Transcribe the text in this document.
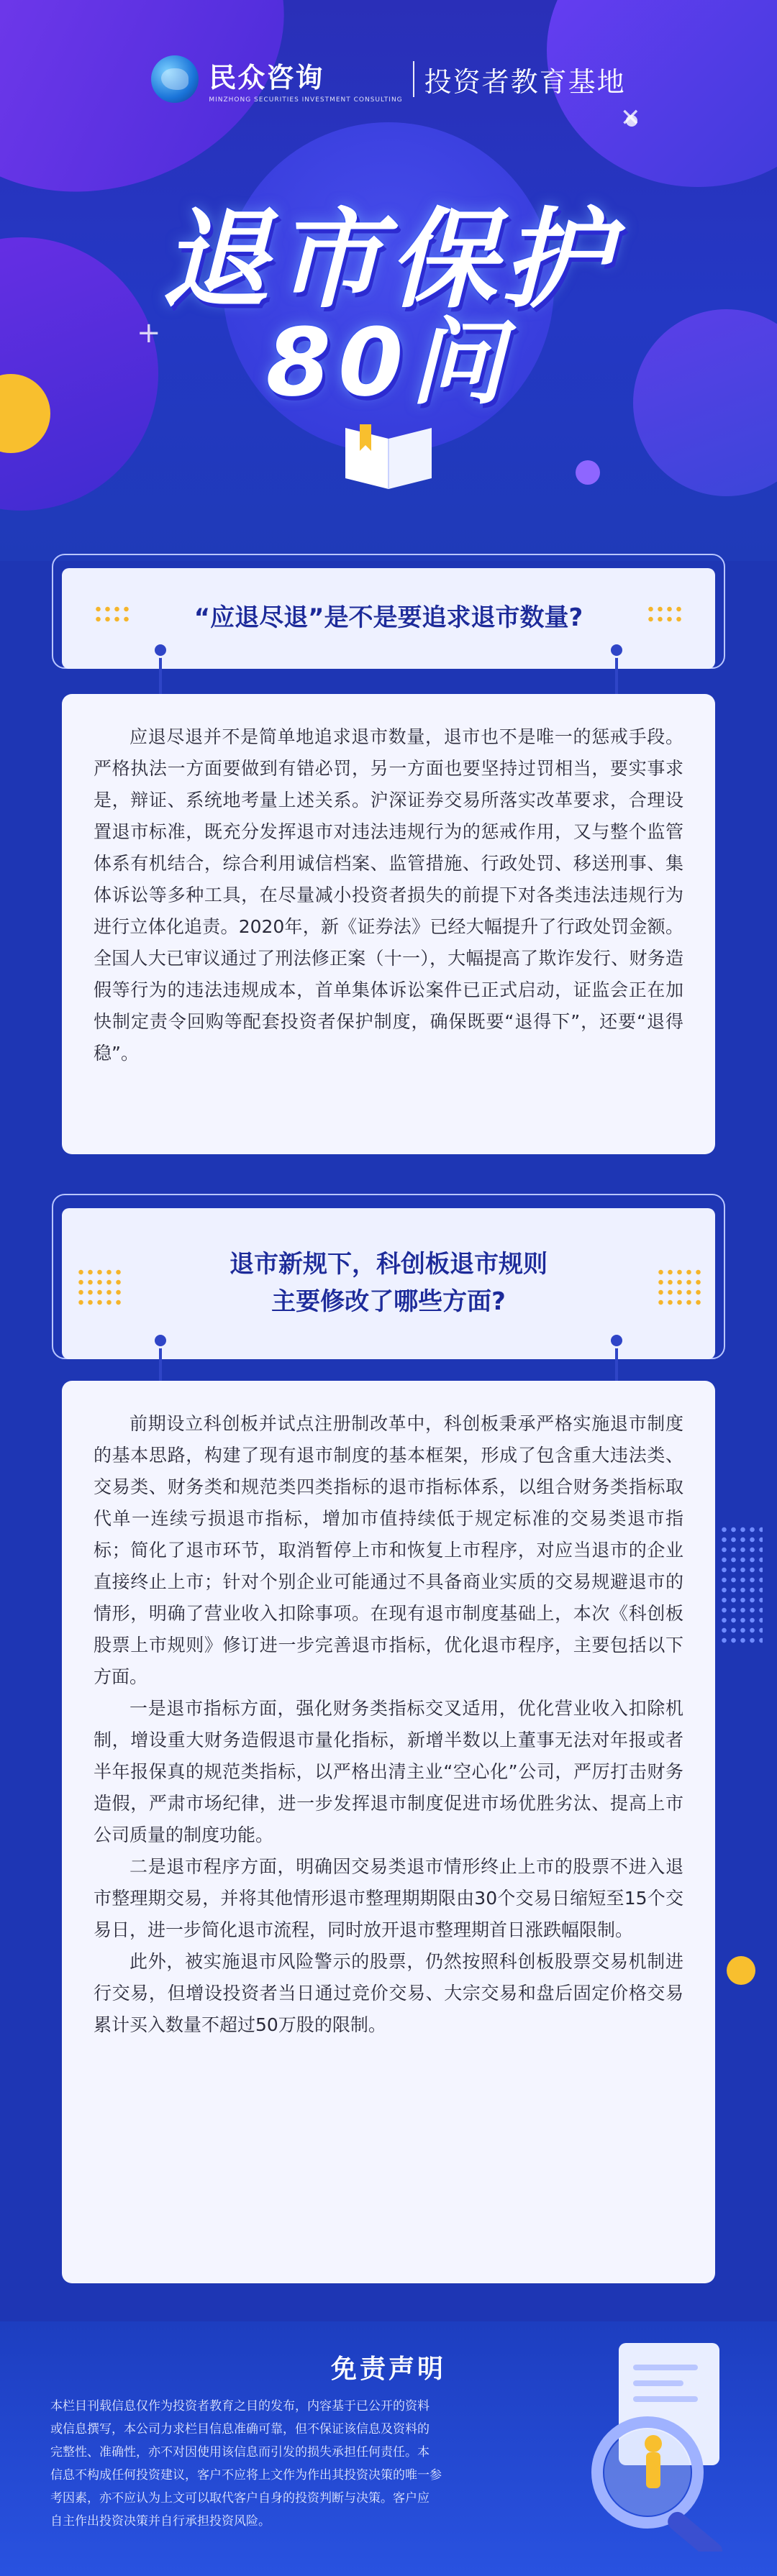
✕
+
民众咨询
MINZHONG SECURITIES INVESTMENT CONSULTING
投资者教育基地
退市保护
80问
“应退尽退”是不是要追求退市数量?

应退尽退并不是简单地追求退市数量，退市也不是唯一的惩戒手段。严格执法一方面要做到有错必罚，另一方面也要坚持过罚相当，要实事求是，辩证、系统地考量上述关系。沪深证券交易所落实改革要求，合理设置退市标准，既充分发挥退市对违法违规行为的惩戒作用，又与整个监管体系有机结合，综合利用诚信档案、监管措施、行政处罚、移送刑事、集体诉讼等多种工具，在尽量减小投资者损失的前提下对各类违法违规行为进行立体化追责。2020年，新《证券法》已经大幅提升了行政处罚金额。全国人大已审议通过了刑法修正案（十一），大幅提高了欺诈发行、财务造假等行为的违法违规成本，首单集体诉讼案件已正式启动，证监会正在加快制定责令回购等配套投资者保护制度，确保既要“退得下”，还要“退得稳”。

退市新规下，科创板退市规则
主要修改了哪些方面?

前期设立科创板并试点注册制改革中，科创板秉承严格实施退市制度的基本思路，构建了现有退市制度的基本框架，形成了包含重大违法类、交易类、财务类和规范类四类指标的退市指标体系，以组合财务类指标取代单一连续亏损退市指标，增加市值持续低于规定标准的交易类退市指标；简化了退市环节，取消暂停上市和恢复上市程序，对应当退市的企业直接终止上市；针对个别企业可能通过不具备商业实质的交易规避退市的情形，明确了营业收入扣除事项。在现有退市制度基础上，本次《科创板股票上市规则》修订进一步完善退市指标，优化退市程序，主要包括以下方面。

一是退市指标方面，强化财务类指标交叉适用，优化营业收入扣除机制，增设重大财务造假退市量化指标，新增半数以上董事无法对年报或者半年报保真的规范类指标，以严格出清主业“空心化”公司，严厉打击财务造假，严肃市场纪律，进一步发挥退市制度促进市场优胜劣汰、提高上市公司质量的制度功能。

二是退市程序方面，明确因交易类退市情形终止上市的股票不进入退市整理期交易，并将其他情形退市整理期期限由30个交易日缩短至15个交易日，进一步简化退市流程，同时放开退市整理期首日涨跌幅限制。

此外，被实施退市风险警示的股票，仍然按照科创板股票交易机制进行交易，但增设投资者当日通过竞价交易、大宗交易和盘后固定价格交易累计买入数量不超过50万股的限制。

免责声明
本栏目刊载信息仅作为投资者教育之目的发布，内容基于已公开的资料
或信息撰写，本公司力求栏目信息准确可靠，但不保证该信息及资料的
完整性、准确性，亦不对因使用该信息而引发的损失承担任何责任。本
信息不构成任何投资建议，客户不应将上文作为作出其投资决策的唯一参
考因素，亦不应认为上文可以取代客户自身的投资判断与决策。客户应
自主作出投资决策并自行承担投资风险。
